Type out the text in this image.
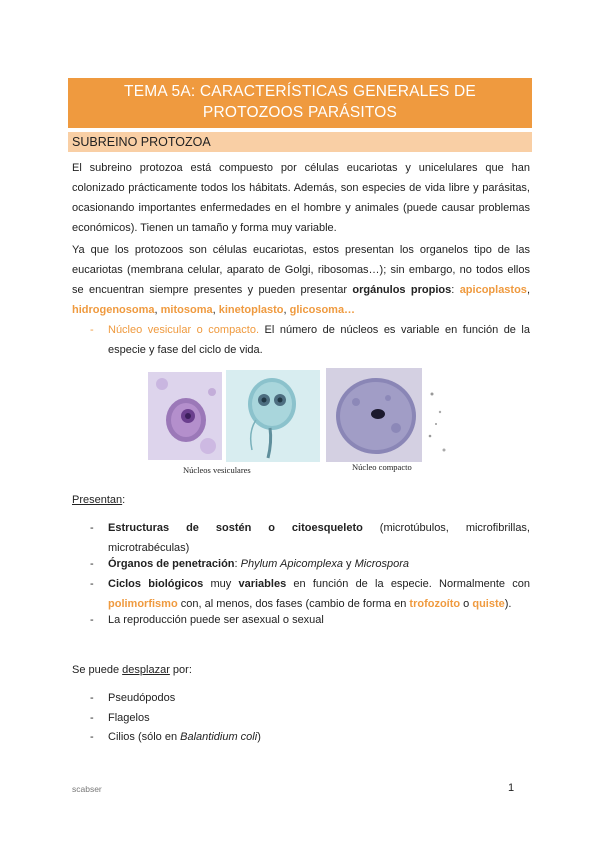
TEMA 5A: CARACTERÍSTICAS GENERALES DE
PROTOZOOS PARÁSITOS
SUBREINO PROTOZOA

El subreino protozoa está compuesto por células eucariotas y unicelulares que han colonizado prácticamente todos los hábitats. Además, son especies de vida libre y parásitas, ocasionando importantes enfermedades en el hombre y animales (puede causar problemas económicos). Tienen un tamaño y forma muy variable.

Ya que los protozoos son células eucariotas, estos presentan los organelos tipo de las eucariotas (membrana celular, aparato de Golgi, ribosomas…); sin embargo, no todos ellos se encuentran siempre presentes y pueden presentar orgánulos propios: apicoplastos, hidrogenosoma, mitosoma, kinetoplasto, glicosoma…

- Núcleo vesicular o compacto. El número de núcleos es variable en función de la especie y fase del ciclo de vida.
Núcleos vesiculares	Núcleo compacto
Presentan:
- Estructuras de sostén o citoesqueleto (microtúbulos, microfibrillas, microtrabéculas)
- Órganos de penetración: Phylum Apicomplexa y Microspora
- Ciclos biológicos muy variables en función de la especie. Normalmente con polimorfismo con, al menos, dos fases (cambio de forma en trofozoíto o quiste).
- La reproducción puede ser asexual o sexual
Se puede desplazar por:
- Pseudópodos
- Flagelos
- Cilios (sólo en Balantidium coli)
scabser	1
